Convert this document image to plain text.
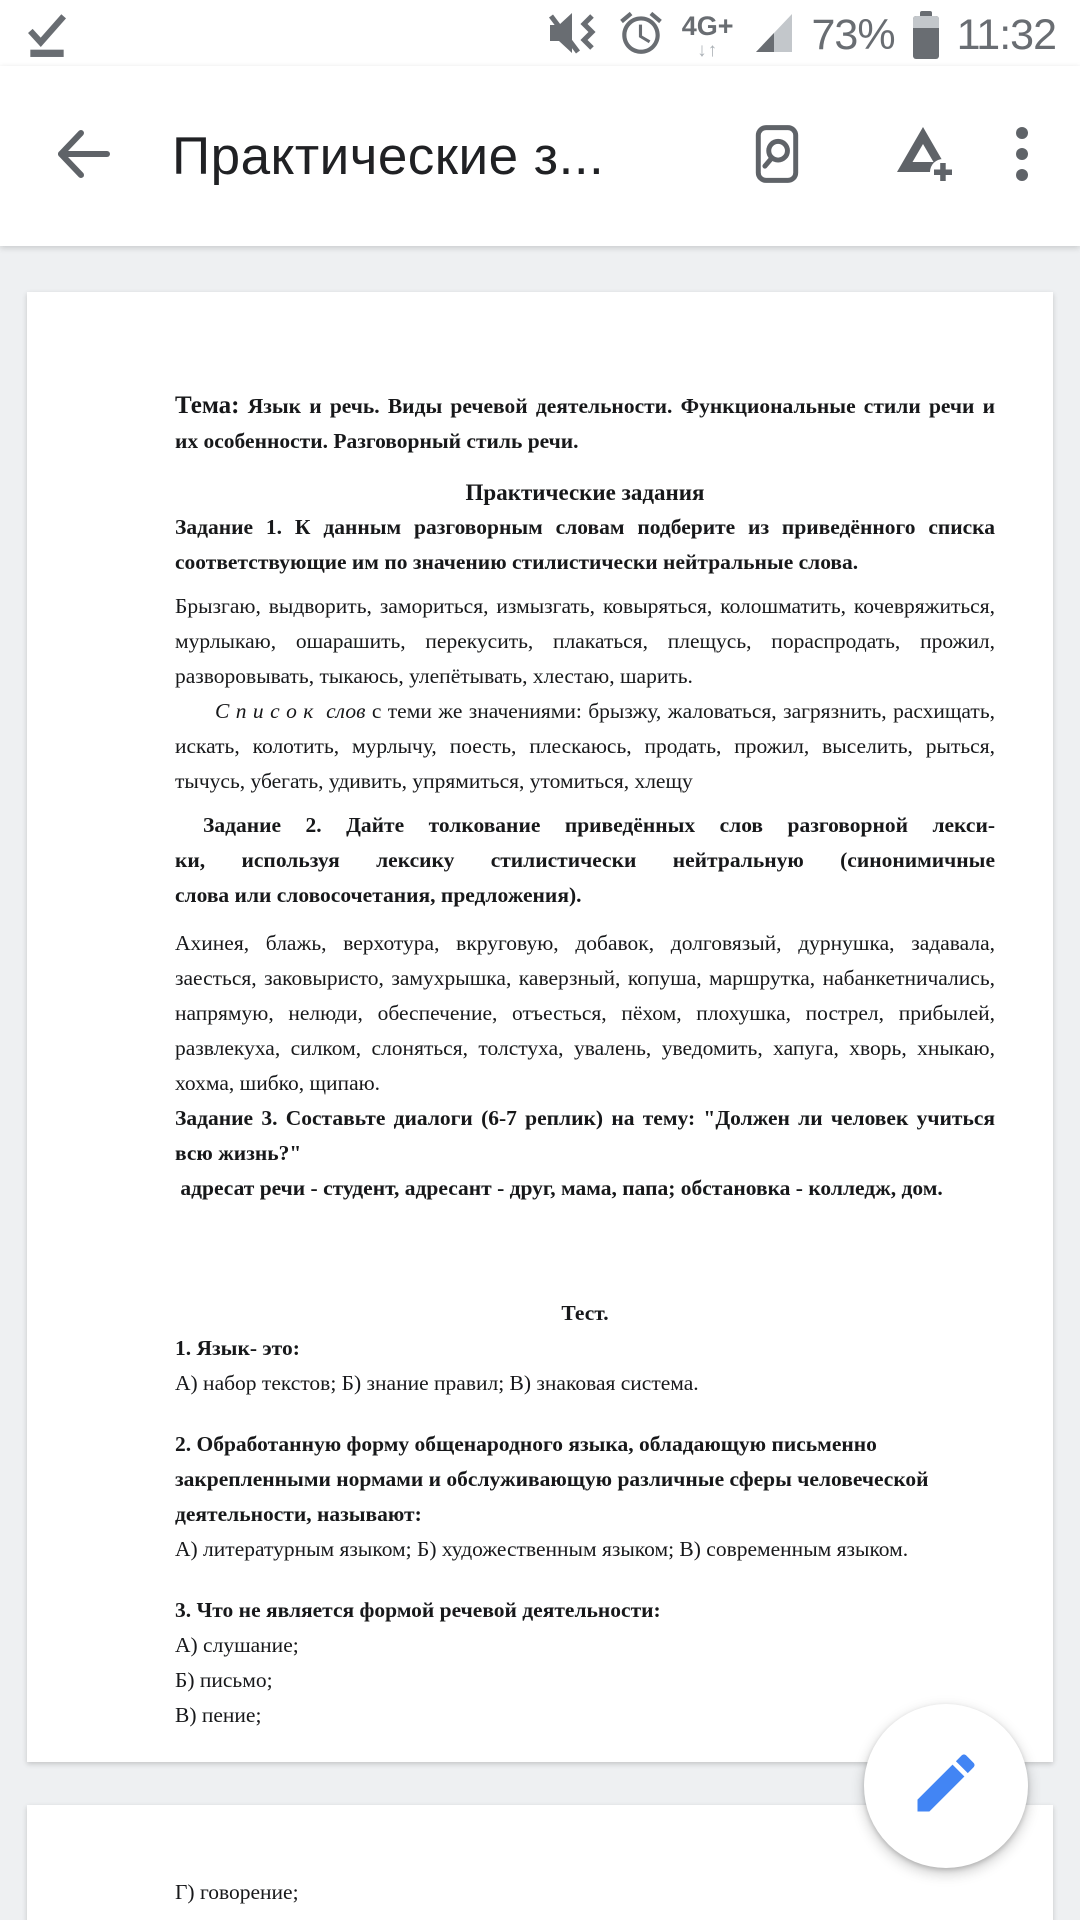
4G+
↓↑ 73% 11:32
Практические з...

Тема: Язык и речь. Виды речевой деятельности. Функциональные стили речи и их особенности. Разговорный стиль речи.

Практические задания

Задание 1. К данным разговорным словам подберите из приведённого списка соответствующие им по значению стилистически нейтральные слова.

Брызгаю, выдворить, замориться, измызгать, ковыряться, колошматить, кочевряжиться, мурлыкаю, ошарашить, перекусить, плакаться, плещусь, пораспродать, прожил, разворовывать, тыкаюсь, улепётывать, хлестаю, шарить.

С п и с о к  слов с теми же значениями: брызжу, жаловаться, загрязнить, расхищать, искать, колотить, мурлычу, поесть, плескаюсь, продать, прожил, выселить, рыться, тычусь, убегать, удивить, упрямиться, утомиться, хлещу

Задание 2. Дайте толкование приведённых слов разговорной лекси-
ки, используя лексику стилистически нейтральную (синонимичные
слова или словосочетания, предложения).

Ахинея, блажь, верхотура, вкруговую, добавок, долговязый, дурнушка, задавала, заесться, заковыристо, замухрышка, каверзный, копуша, маршрутка, набанкетничались, напрямую, нелюди, обеспечение, отъесться, пёхом, плохушка, пострел, прибылей, развлекуха, силком, слоняться, толстуха, увалень, уведомить, хапуга, хворь, хныкаю, хохма, шибко, щипаю.

Задание 3. Составьте диалоги (6-7 реплик) на тему: "Должен ли человек учиться всю жизнь?"

адресат речи - студент, адресант - друг, мама, папа; обстановка - колледж, дом.

Тест.

1. Язык- это:

А) набор текстов; Б) знание правил; В) знаковая система.

2. Обработанную форму общенародного языка, обладающую письменно закрепленными нормами и обслуживающую различные сферы человеческой деятельности, называют:

А) литературным языком; Б) художественным языком; В) современным языком.

3. Что не является формой речевой деятельности:

А) слушание;

Б) письмо;

В) пение;

Г) говорение;
